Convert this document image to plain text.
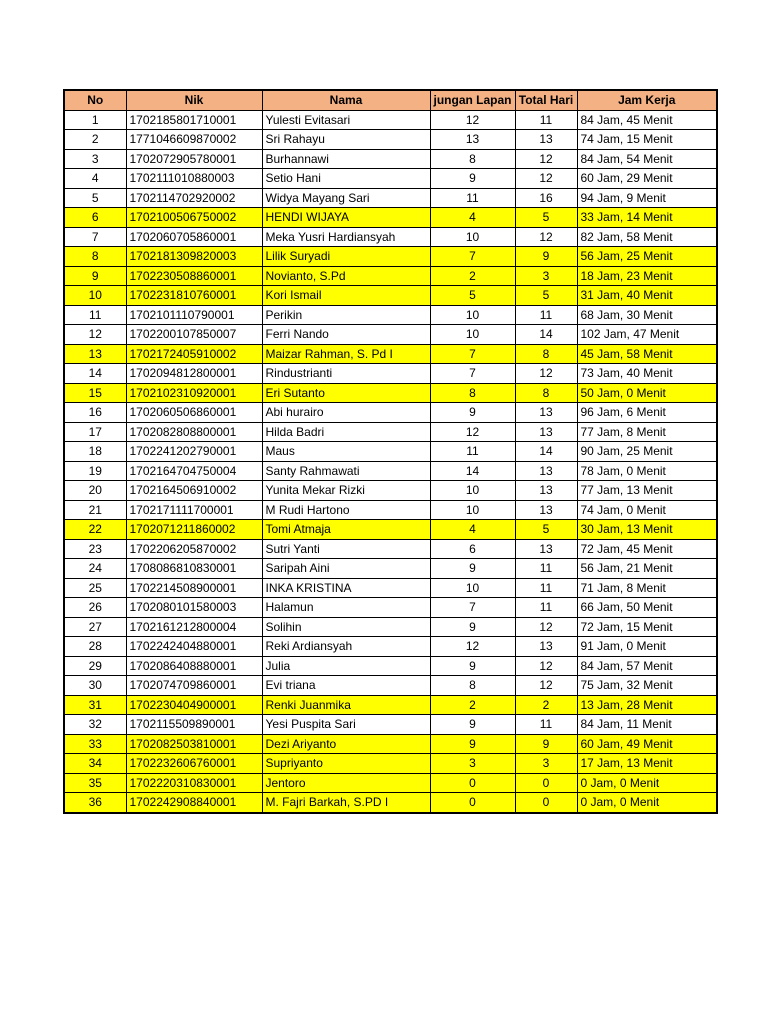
No	Nik	Nama	jungan Lapan	Total Hari	Jam Kerja
1	1702185801710001	Yulesti Evitasari	12	11	84 Jam, 45 Menit
2	1771046609870002	Sri Rahayu	13	13	74 Jam, 15 Menit
3	1702072905780001	Burhannawi	8	12	84 Jam, 54 Menit
4	1702111010880003	Setio Hani	9	12	60 Jam, 29 Menit
5	1702114702920002	Widya Mayang Sari	11	16	94 Jam, 9 Menit
6	1702100506750002	HENDI WIJAYA	4	5	33 Jam, 14 Menit
7	1702060705860001	Meka Yusri Hardiansyah	10	12	82 Jam, 58 Menit
8	1702181309820003	Lilik Suryadi	7	9	56 Jam, 25 Menit
9	1702230508860001	Novianto, S.Pd	2	3	18 Jam, 23 Menit
10	1702231810760001	Kori Ismail	5	5	31 Jam, 40 Menit
11	1702101110790001	Perikin	10	11	68 Jam, 30 Menit
12	1702200107850007	Ferri Nando	10	14	102 Jam, 47 Menit
13	1702172405910002	Maizar Rahman, S. Pd I	7	8	45 Jam, 58 Menit
14	1702094812800001	Rindustrianti	7	12	73 Jam, 40 Menit
15	1702102310920001	Eri Sutanto	8	8	50 Jam, 0 Menit
16	1702060506860001	Abi hurairo	9	13	96 Jam, 6 Menit
17	1702082808800001	Hilda Badri	12	13	77 Jam, 8 Menit
18	1702241202790001	Maus	11	14	90 Jam, 25 Menit
19	1702164704750004	Santy Rahmawati	14	13	78 Jam, 0 Menit
20	1702164506910002	Yunita Mekar Rizki	10	13	77 Jam, 13 Menit
21	1702171111700001	M Rudi Hartono	10	13	74 Jam, 0 Menit
22	1702071211860002	Tomi Atmaja	4	5	30 Jam, 13 Menit
23	1702206205870002	Sutri Yanti	6	13	72 Jam, 45 Menit
24	1708086810830001	Saripah Aini	9	11	56 Jam, 21 Menit
25	1702214508900001	INKA KRISTINA	10	11	71 Jam, 8 Menit
26	1702080101580003	Halamun	7	11	66 Jam, 50 Menit
27	1702161212800004	Solihin	9	12	72 Jam, 15 Menit
28	1702242404880001	Reki Ardiansyah	12	13	91 Jam, 0 Menit
29	1702086408880001	Julia	9	12	84 Jam, 57 Menit
30	1702074709860001	Evi triana	8	12	75 Jam, 32 Menit
31	1702230404900001	Renki Juanmika	2	2	13 Jam, 28 Menit
32	1702115509890001	Yesi Puspita Sari	9	11	84 Jam, 11 Menit
33	1702082503810001	Dezi Ariyanto	9	9	60 Jam, 49 Menit
34	1702232606760001	Supriyanto	3	3	17 Jam, 13 Menit
35	1702220310830001	Jentoro	0	0	0 Jam, 0 Menit
36	1702242908840001	M. Fajri Barkah, S.PD I	0	0	0 Jam, 0 Menit
